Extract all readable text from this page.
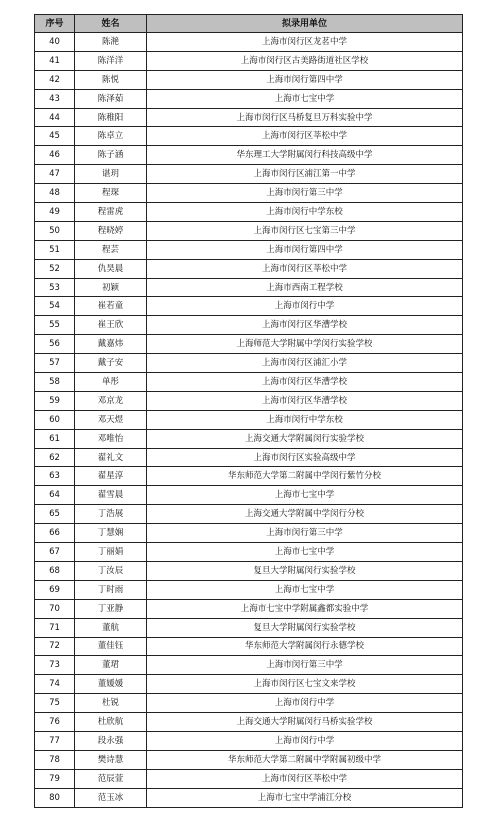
序号	姓名	拟录用单位
40	陈滟	上海市闵行区龙茗中学
41	陈洋洋	上海市闵行区古美路街道社区学校
42	陈悦	上海市闵行第四中学
43	陈泽茹	上海市七宝中学
44	陈稚阳	上海市闵行区马桥复旦万科实验中学
45	陈卓立	上海市闵行区莘松中学
46	陈子涵	华东理工大学附属闵行科技高级中学
47	谌玥	上海市闵行区浦江第一中学
48	程琛	上海市闵行第三中学
49	程雷虎	上海市闵行中学东校
50	程晓婷	上海市闵行区七宝第三中学
51	程芸	上海市闵行第四中学
52	仇昊晨	上海市闵行区莘松中学
53	初颖	上海市西南工程学校
54	崔若童	上海市闵行中学
55	崔王欣	上海市闵行区华漕学校
56	戴嘉炜	上海师范大学附属中学闵行实验学校
57	戴子安	上海市闵行区浦汇小学
58	单彤	上海市闵行区华漕学校
59	邓京龙	上海市闵行区华漕学校
60	邓天煜	上海市闵行中学东校
61	邓唯怡	上海交通大学附属闵行实验学校
62	翟礼文	上海市闵行区实验高级中学
63	翟星淳	华东师范大学第二附属中学闵行紫竹分校
64	翟雪晨	上海市七宝中学
65	丁浩展	上海交通大学附属中学闵行分校
66	丁慧娴	上海市闵行第三中学
67	丁丽娟	上海市七宝中学
68	丁汝辰	复旦大学附属闵行实验学校
69	丁时雨	上海市七宝中学
70	丁亚静	上海市七宝中学附属鑫都实验中学
71	董航	复旦大学附属闵行实验学校
72	董佳钰	华东师范大学附属闵行永德学校
73	董珺	上海市闵行第三中学
74	董媛媛	上海市闵行区七宝文来学校
75	杜锐	上海市闵行中学
76	杜欣航	上海交通大学附属闵行马桥实验学校
77	段永强	上海市闵行中学
78	樊诗慧	华东师范大学第二附属中学附属初级中学
79	范辰萱	上海市闵行区莘松中学
80	范玉冰	上海市七宝中学浦江分校
